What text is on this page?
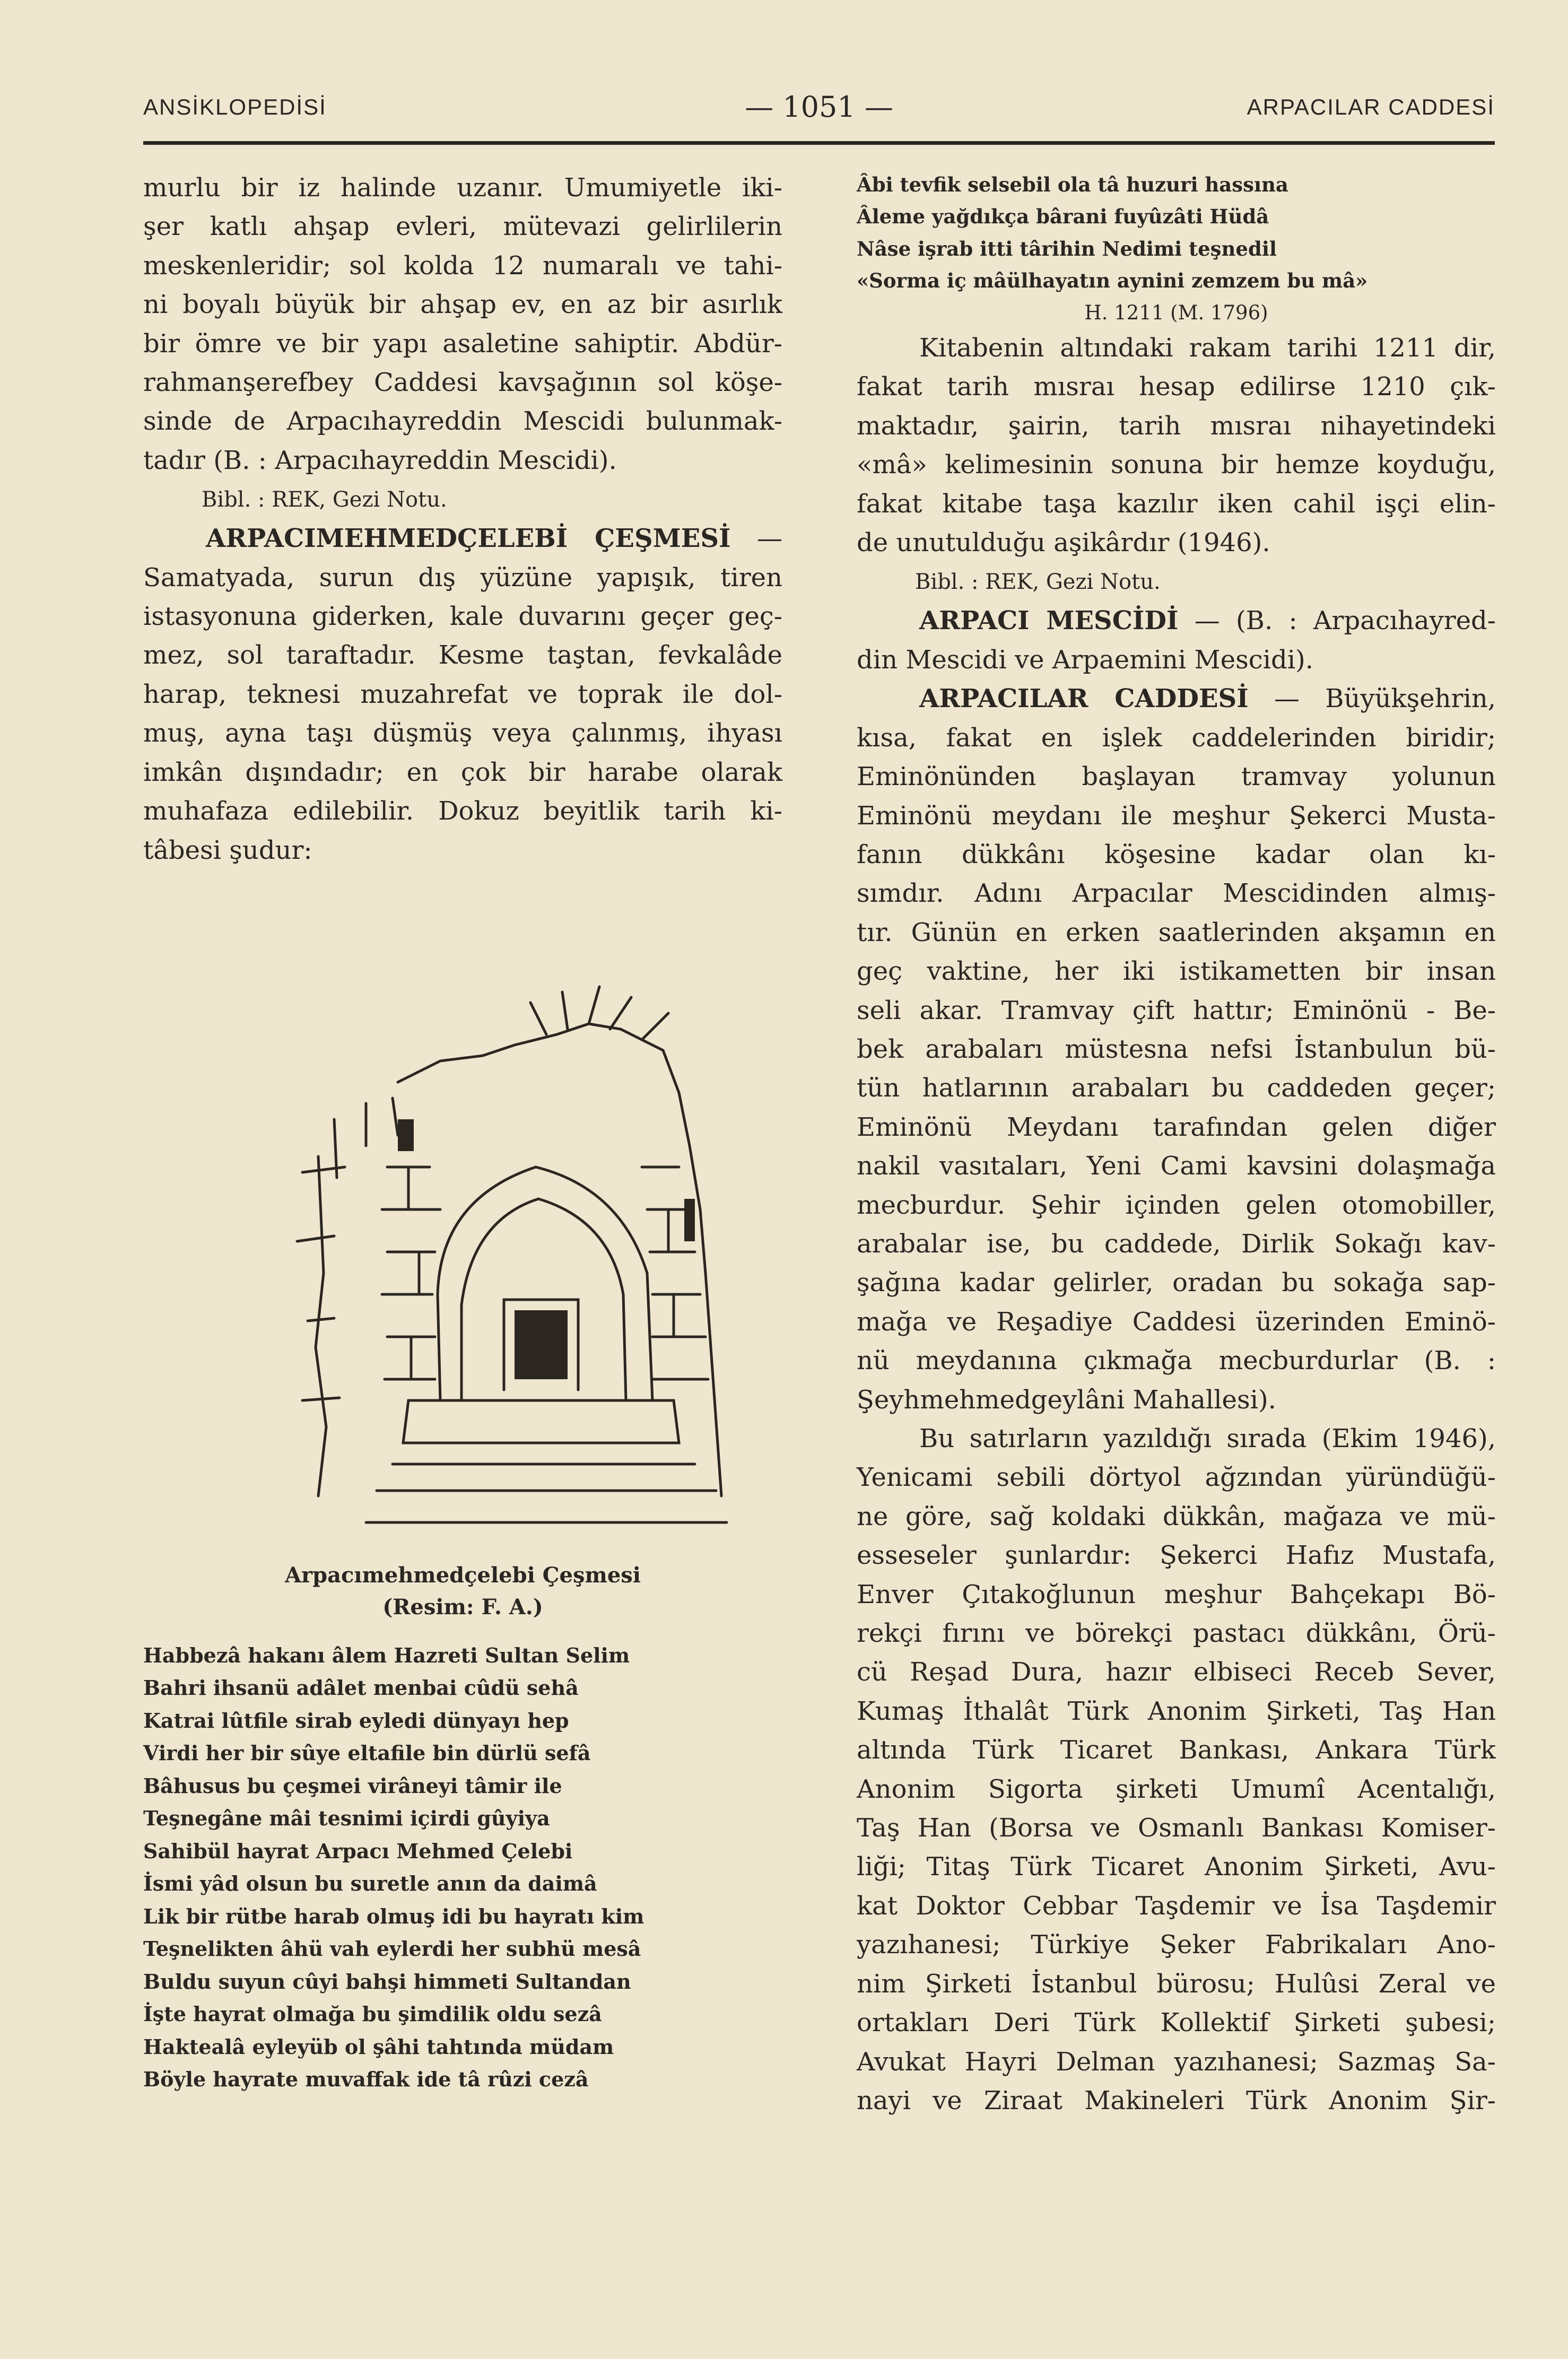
ANSİKLOPEDİSİ	— 1051 —	ARPACILAR CADDESİ
murlu bir iz halinde uzanır. Umumiyetle iki-
şer katlı ahşap evleri, mütevazi gelirlilerin
meskenleridir; sol kolda 12 numaralı ve tahi-
ni boyalı büyük bir ahşap ev, en az bir asırlık
bir ömre ve bir yapı asaletine sahiptir. Abdür-
rahmanşerefbey Caddesi kavşağının sol köşe-
sinde de Arpacıhayreddin Mescidi bulunmak-
tadır (B. : Arpacıhayreddin Mescidi).
Bibl. : REK, Gezi Notu.
ARPACIMEHMEDÇELEBİ ÇEŞMESİ —
Samatyada, surun dış yüzüne yapışık, tiren
istasyonuna giderken, kale duvarını geçer geç-
mez, sol taraftadır. Kesme taştan, fevkalâde
harap, teknesi muzahrefat ve toprak ile dol-
muş, ayna taşı düşmüş veya çalınmış, ihyası
imkân dışındadır; en çok bir harabe olarak
muhafaza edilebilir. Dokuz beyitlik tarih ki-
tâbesi şudur:
Arpacımehmedçelebi Çeşmesi
(Resim: F. A.)
Habbezâ hakanı âlem Hazreti Sultan Selim
Bahri ihsanü adâlet menbai cûdü sehâ
Katrai lûtfile sirab eyledi dünyayı hep
Virdi her bir sûye eltafile bin dürlü sefâ
Bâhusus bu çeşmei virâneyi tâmir ile
Teşnegâne mâi tesnimi içirdi gûyiya
Sahibül hayrat Arpacı Mehmed Çelebi
İsmi yâd olsun bu suretle anın da daimâ
Lik bir rütbe harab olmuş idi bu hayratı kim
Teşnelikten âhü vah eylerdi her subhü mesâ
Buldu suyun cûyi bahşi himmeti Sultandan
İşte hayrat olmağa bu şimdilik oldu sezâ
Haktealâ eyleyüb ol şâhi tahtında müdam
Böyle hayrate muvaffak ide tâ rûzi cezâ
Âbi tevfik selsebil ola tâ huzuri hassına
Âleme yağdıkça bârani fuyûzâti Hüdâ
Nâse işrab itti târihin Nedimi teşnedil
«Sorma iç mâülhayatın aynini zemzem bu mâ»
H. 1211 (M. 1796)
Kitabenin altındaki rakam tarihi 1211 dir,
fakat tarih mısraı hesap edilirse 1210 çık-
maktadır, şairin, tarih mısraı nihayetindeki
«mâ» kelimesinin sonuna bir hemze koyduğu,
fakat kitabe taşa kazılır iken cahil işçi elin-
de unutulduğu aşikârdır (1946).
Bibl. : REK, Gezi Notu.
ARPACI MESCİDİ — (B. : Arpacıhayred-
din Mescidi ve Arpaemini Mescidi).
ARPACILAR CADDESİ — Büyükşehrin,
kısa, fakat en işlek caddelerinden biridir;
Eminönünden başlayan tramvay yolunun
Eminönü meydanı ile meşhur Şekerci Musta-
fanın dükkânı köşesine kadar olan kı-
sımdır. Adını Arpacılar Mescidinden almış-
tır. Günün en erken saatlerinden akşamın en
geç vaktine, her iki istikametten bir insan
seli akar. Tramvay çift hattır; Eminönü - Be-
bek arabaları müstesna nefsi İstanbulun bü-
tün hatlarının arabaları bu caddeden geçer;
Eminönü Meydanı tarafından gelen diğer
nakil vasıtaları, Yeni Cami kavsini dolaşmağa
mecburdur. Şehir içinden gelen otomobiller,
arabalar ise, bu caddede, Dirlik Sokağı kav-
şağına kadar gelirler, oradan bu sokağa sap-
mağa ve Reşadiye Caddesi üzerinden Eminö-
nü meydanına çıkmağa mecburdurlar (B. :
Şeyhmehmedgeylâni Mahallesi).
Bu satırların yazıldığı sırada (Ekim 1946),
Yenicami sebili dörtyol ağzından yüründüğü-
ne göre, sağ koldaki dükkân, mağaza ve mü-
esseseler şunlardır: Şekerci Hafız Mustafa,
Enver Çıtakoğlunun meşhur Bahçekapı Bö-
rekçi fırını ve börekçi pastacı dükkânı, Örü-
cü Reşad Dura, hazır elbiseci Receb Sever,
Kumaş İthalât Türk Anonim Şirketi, Taş Han
altında Türk Ticaret Bankası, Ankara Türk
Anonim Sigorta şirketi Umumî Acentalığı,
Taş Han (Borsa ve Osmanlı Bankası Komiser-
liği; Titaş Türk Ticaret Anonim Şirketi, Avu-
kat Doktor Cebbar Taşdemir ve İsa Taşdemir
yazıhanesi; Türkiye Şeker Fabrikaları Ano-
nim Şirketi İstanbul bürosu; Hulûsi Zeral ve
ortakları Deri Türk Kollektif Şirketi şubesi;
Avukat Hayri Delman yazıhanesi; Sazmaş Sa-
nayi ve Ziraat Makineleri Türk Anonim Şir-
